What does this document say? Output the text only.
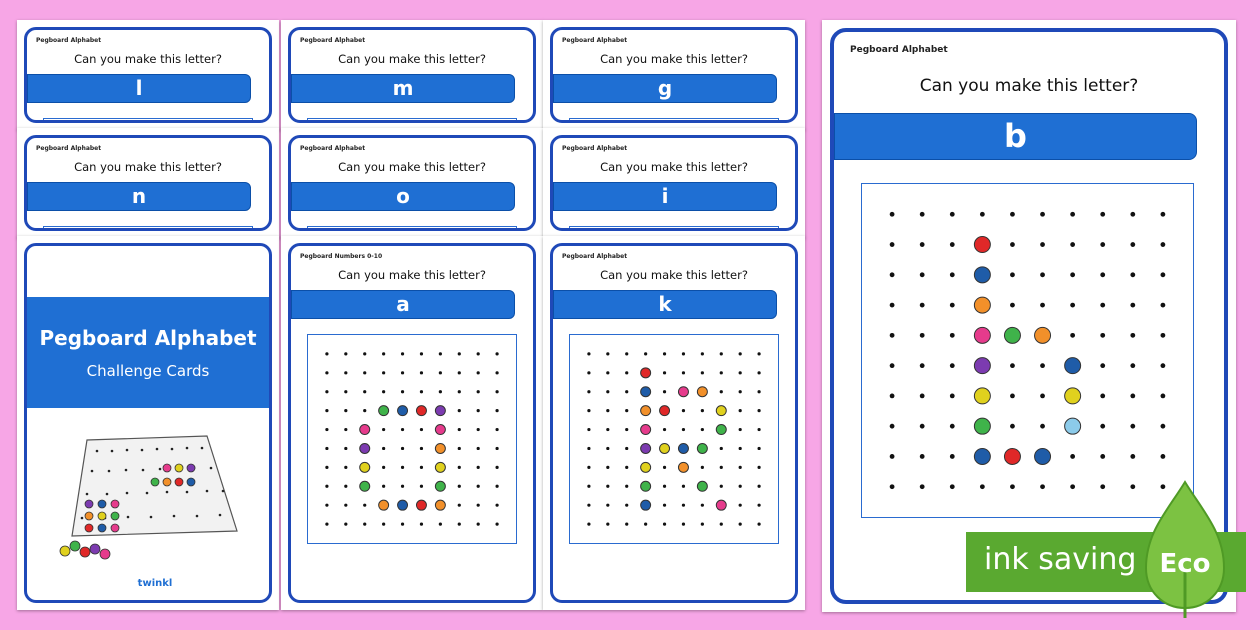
Pegboard Alphabet
Can you make this letter?
l
Pegboard Alphabet
Can you make this letter?
m
Pegboard Alphabet
Can you make this letter?
g
Pegboard Alphabet
Can you make this letter?
n
Pegboard Alphabet
Can you make this letter?
o
Pegboard Alphabet
Can you make this letter?
i
Pegboard Alphabet
Challenge Cards
twinkl
Pegboard Numbers 0-10
Can you make this letter?
a
Pegboard Alphabet
Can you make this letter?
k
Pegboard Alphabet
Can you make this letter?
b
ink saving Eco
